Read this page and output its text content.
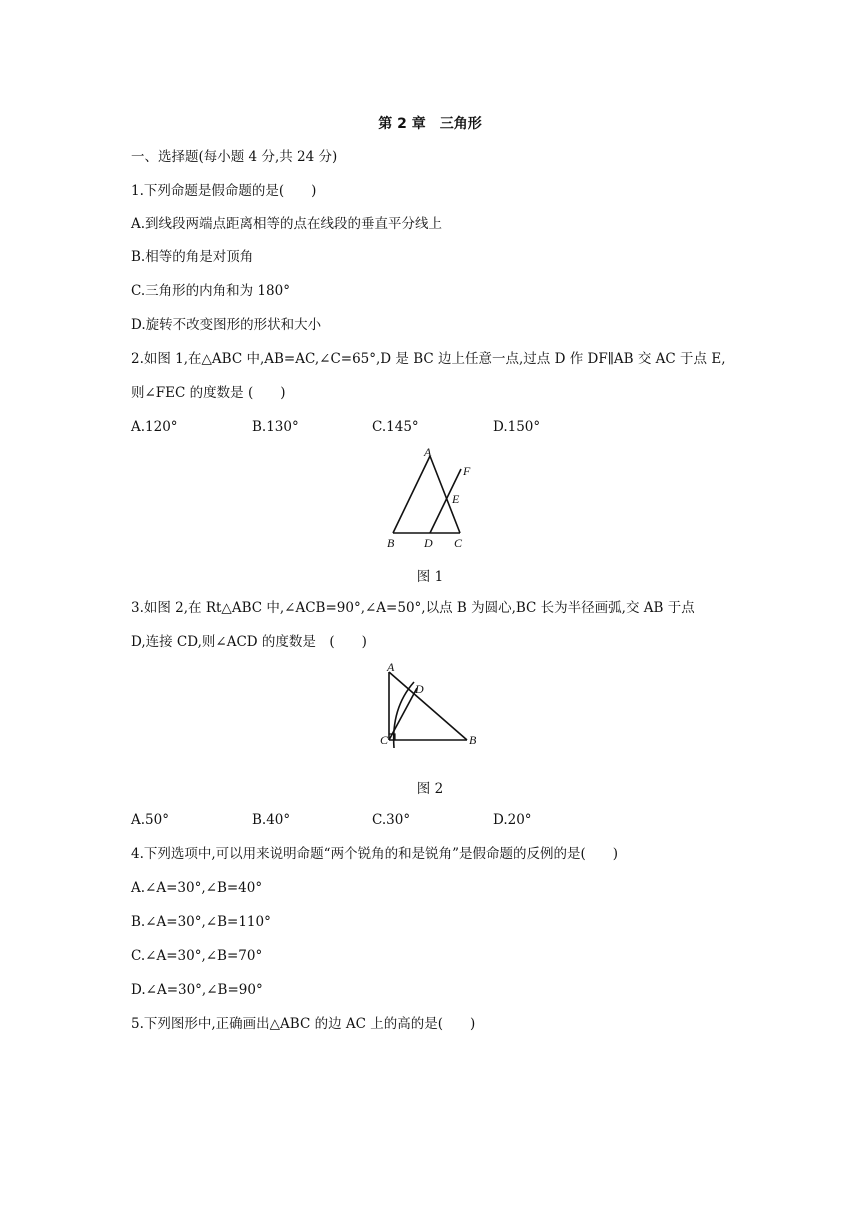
第 2 章　三角形
一、选择题(每小题 4 分,共 24 分)
1.下列命题是假命题的是(　　)
A.到线段两端点距离相等的点在线段的垂直平分线上
B.相等的角是对顶角
C.三角形的内角和为 180°
D.旋转不改变图形的形状和大小
2.如图 1,在△ABC 中,AB=AC,∠C=65°,D 是 BC 边上任意一点,过点 D 作 DF∥AB 交 AC 于点 E,
则∠FEC 的度数是 (　　)
A.120°	B.130°	C.145°	D.150°
A
F
E
B D C
图 1
3.如图 2,在 Rt△ABC 中,∠ACB=90°,∠A=50°,以点 B 为圆心,BC 长为半径画弧,交 AB 于点
D,连接 CD,则∠ACD 的度数是　(　　)
A
D
C	B
图 2
A.50°	B.40°	C.30°	D.20°
4.下列选项中,可以用来说明命题“两个锐角的和是锐角”是假命题的反例的是(　　)
A.∠A=30°,∠B=40°
B.∠A=30°,∠B=110°
C.∠A=30°,∠B=70°
D.∠A=30°,∠B=90°
5.下列图形中,正确画出△ABC 的边 AC 上的高的是(　　)
